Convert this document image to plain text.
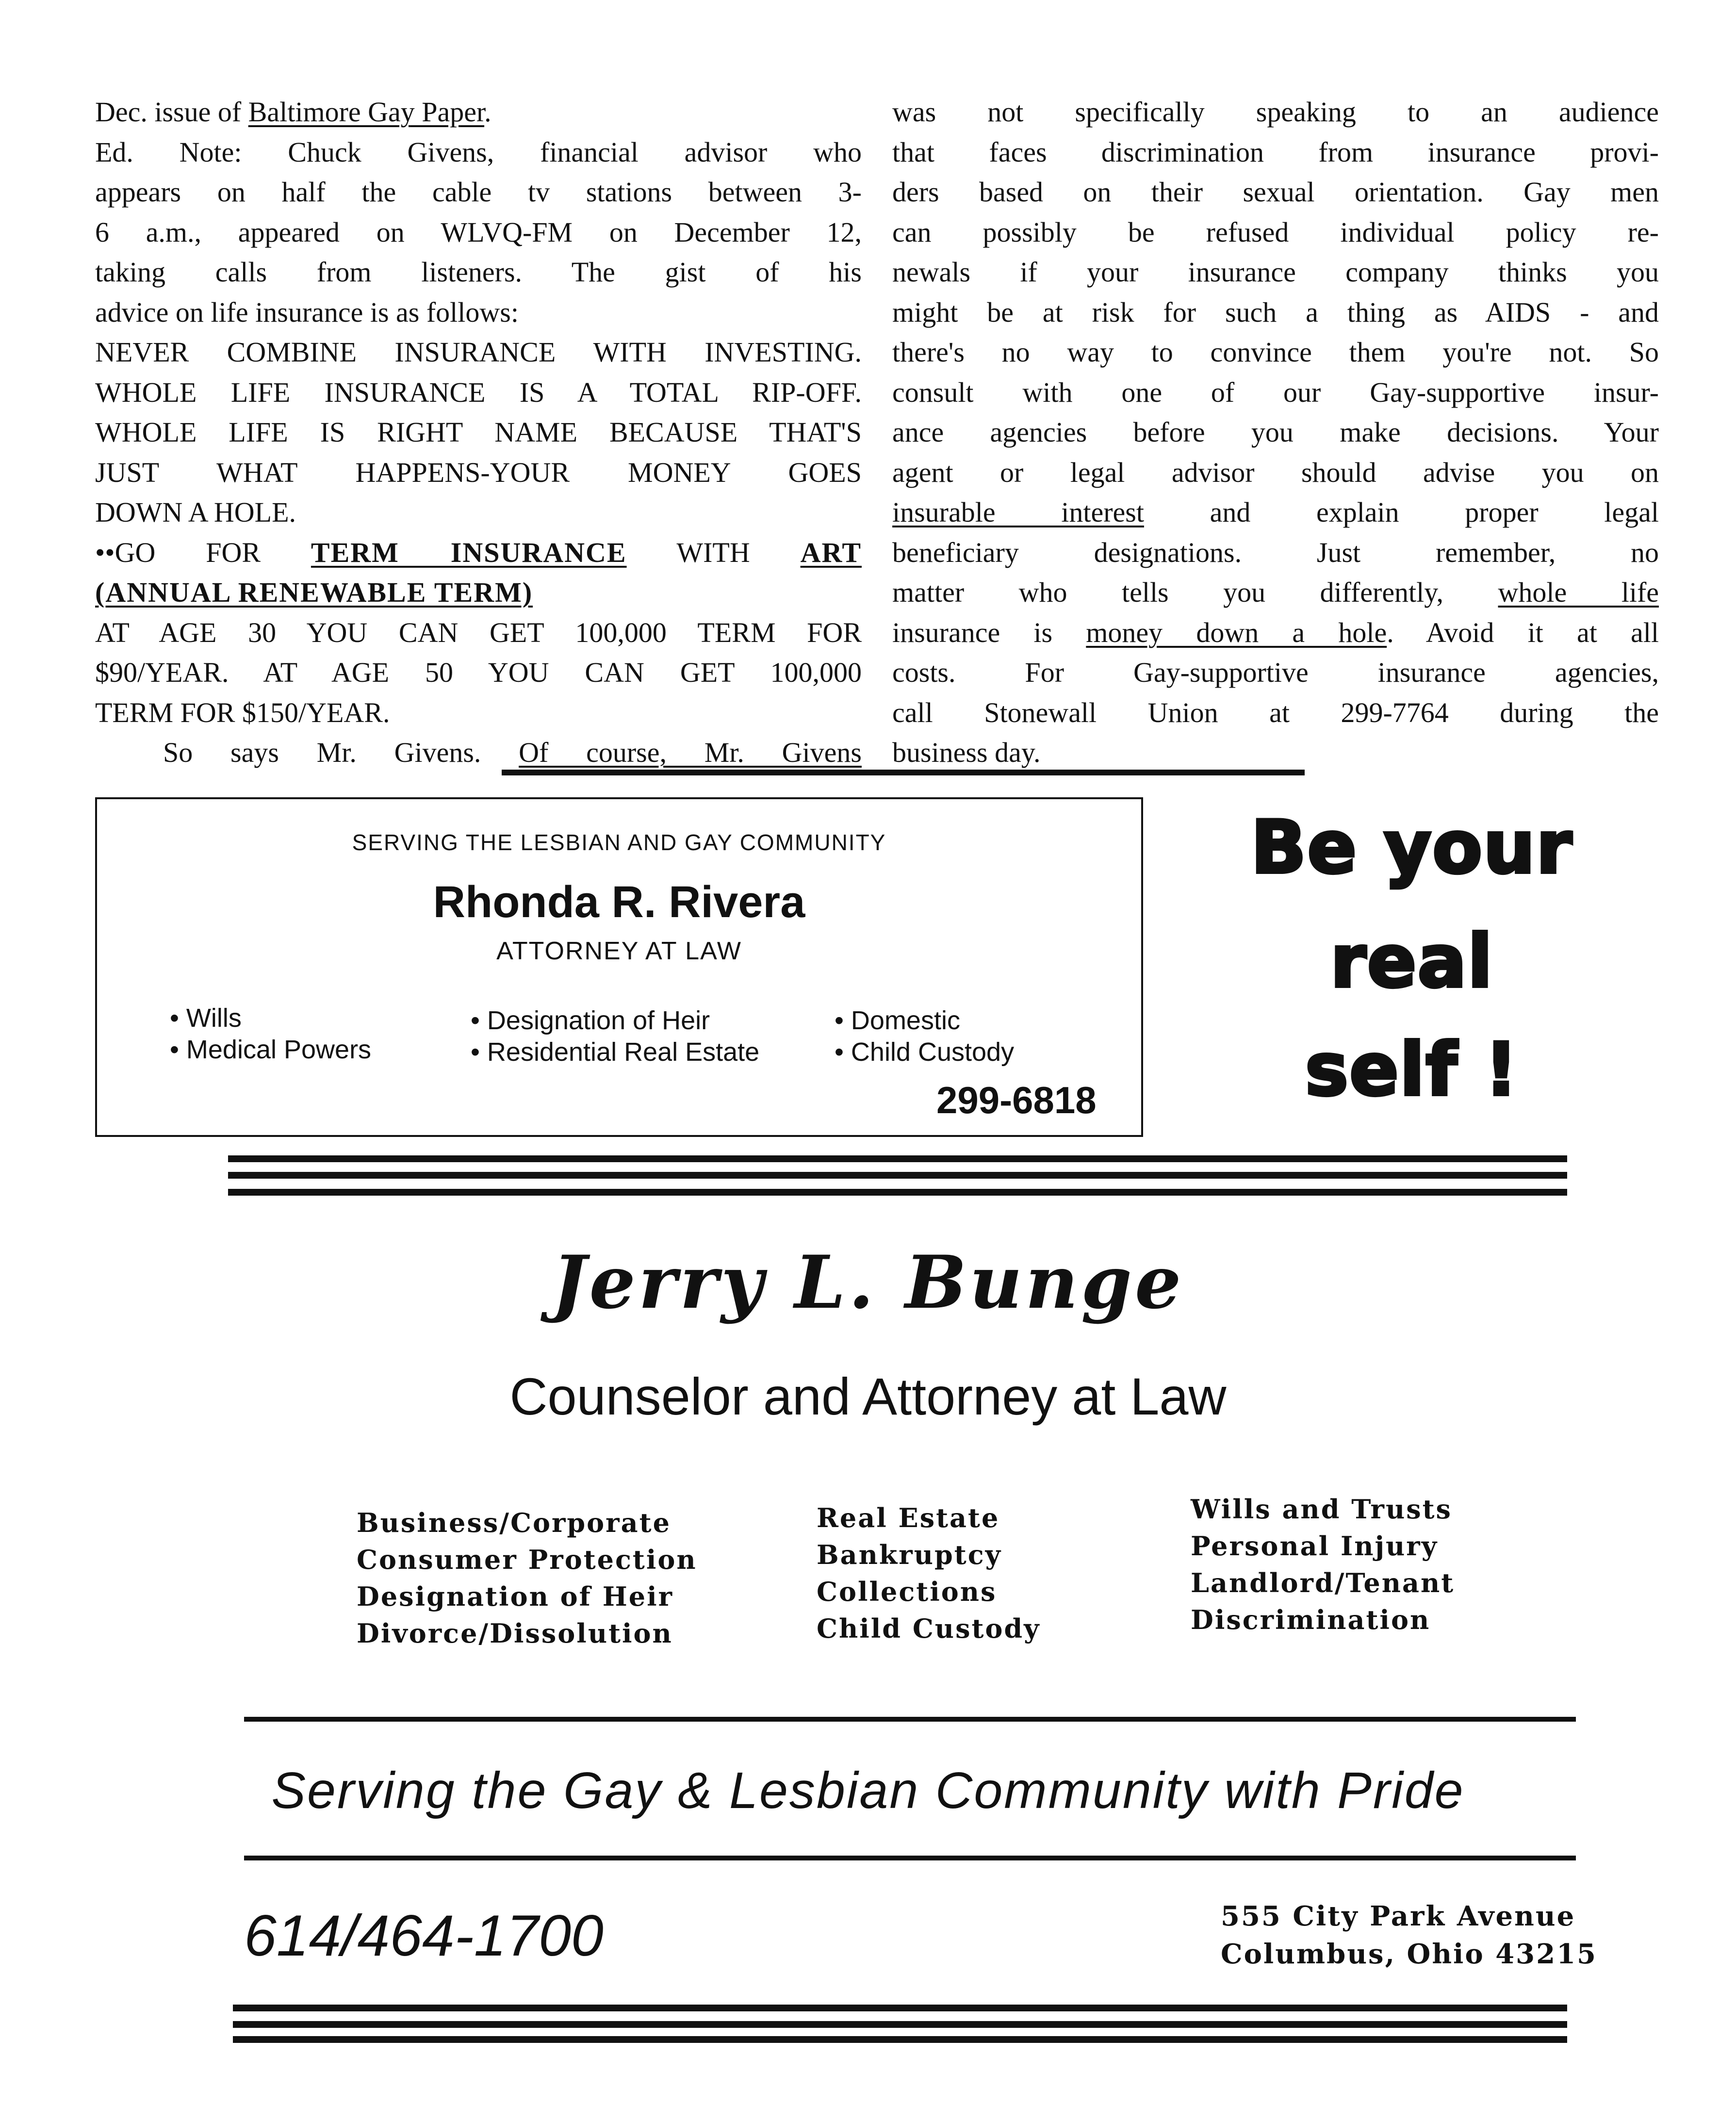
Dec. issue of Baltimore Gay Paper.
Ed. Note: Chuck Givens, financial advisor who
appears on half the cable tv stations between 3-
6 a.m., appeared on WLVQ-FM on December 12,
taking calls from listeners. The gist of his
advice on life insurance is as follows:
NEVER COMBINE INSURANCE WITH INVESTING.
WHOLE LIFE INSURANCE IS A TOTAL RIP-OFF.
WHOLE LIFE IS RIGHT NAME BECAUSE THAT'S
JUST WHAT HAPPENS-YOUR MONEY GOES
DOWN A HOLE.
••GO FOR TERM INSURANCE WITH ART
(ANNUAL RENEWABLE TERM)
AT AGE 30 YOU CAN GET 100,000 TERM FOR
$90/YEAR. AT AGE 50 YOU CAN GET 100,000
TERM FOR $150/YEAR.
So says Mr. Givens. Of course, Mr. Givens
was not specifically speaking to an audience
that faces discrimination from insurance provi-
ders based on their sexual orientation. Gay men
can possibly be refused individual policy re-
newals if your insurance company thinks you
might be at risk for such a thing as AIDS - and
there's no way to convince them you're not. So
consult with one of our Gay-supportive insur-
ance agencies before you make decisions. Your
agent or legal advisor should advise you on
insurable interest and explain proper legal
beneficiary designations. Just remember, no
matter who tells you differently, whole life
insurance is money down a hole. Avoid it at all
costs. For Gay-supportive insurance agencies,
call Stonewall Union at 299-7764 during the
business day.
SERVING THE LESBIAN AND GAY COMMUNITY
Rhonda R. Rivera
ATTORNEY AT LAW
• Wills
• Medical Powers
• Designation of Heir
• Residential Real Estate
• Domestic
• Child Custody
299-6818
Be your
real
self !
Jerry L. Bunge
Counselor and Attorney at Law
Business/Corporate
Consumer Protection
Designation of Heir
Divorce/Dissolution
Real Estate
Bankruptcy
Collections
Child Custody
Wills and Trusts
Personal Injury
Landlord/Tenant
Discrimination
Serving the Gay & Lesbian Community with Pride
614/464-1700	555 City Park Avenue
Columbus, Ohio 43215
